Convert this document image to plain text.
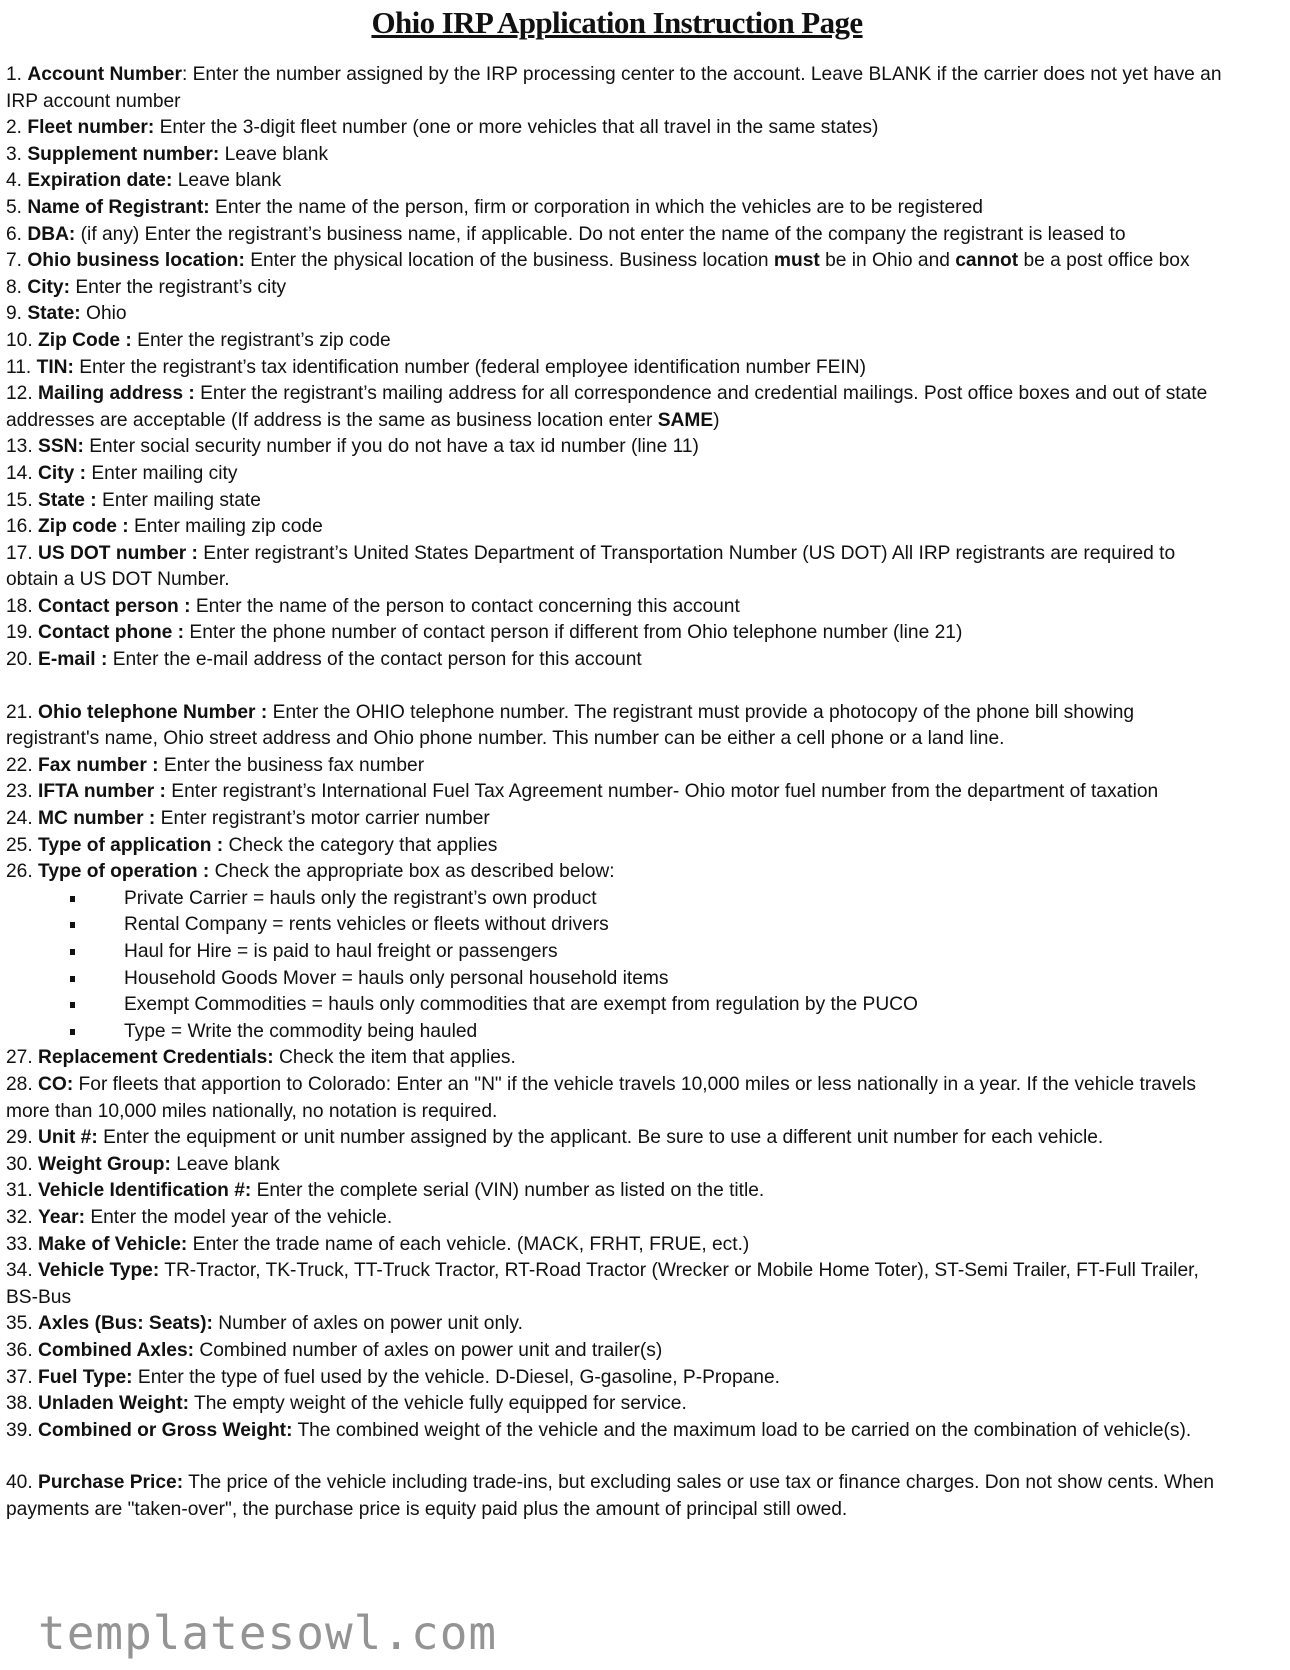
Ohio IRP Application Instruction Page
1. Account Number: Enter the number assigned by the IRP processing center to the account. Leave BLANK if the carrier does not yet have an IRP account number
2. Fleet number: Enter the 3-digit fleet number (one or more vehicles that all travel in the same states)
3. Supplement number: Leave blank
4. Expiration date: Leave blank
5. Name of Registrant: Enter the name of the person, firm or corporation in which the vehicles are to be registered
6. DBA: (if any) Enter the registrant’s business name, if applicable. Do not enter the name of the company the registrant is leased to
7. Ohio business location: Enter the physical location of the business. Business location must be in Ohio and cannot be a post office box
8. City: Enter the registrant’s city
9. State: Ohio
10. Zip Code : Enter the registrant’s zip code
11. TIN: Enter the registrant’s tax identification number (federal employee identification number FEIN)
12. Mailing address : Enter the registrant’s mailing address for all correspondence and credential mailings. Post office boxes and out of state addresses are acceptable (If address is the same as business location enter SAME)
13. SSN: Enter social security number if you do not have a tax id number (line 11)
14. City : Enter mailing city
15. State : Enter mailing state
16. Zip code : Enter mailing zip code
17. US DOT number : Enter registrant’s United States Department of Transportation Number (US DOT) All IRP registrants are required to obtain a US DOT Number.
18. Contact person : Enter the name of the person to contact concerning this account
19. Contact phone : Enter the phone number of contact person if different from Ohio telephone number (line 21)
20. E-mail : Enter the e-mail address of the contact person for this account
21. Ohio telephone Number : Enter the OHIO telephone number. The registrant must provide a photocopy of the phone bill showing registrant's name, Ohio street address and Ohio phone number. This number can be either a cell phone or a land line.
22. Fax number : Enter the business fax number
23. IFTA number : Enter registrant’s International Fuel Tax Agreement number- Ohio motor fuel number from the department of taxation
24. MC number : Enter registrant’s motor carrier number
25. Type of application : Check the category that applies
26. Type of operation : Check the appropriate box as described below:
Private Carrier = hauls only the registrant’s own product
Rental Company = rents vehicles or fleets without drivers
Haul for Hire = is paid to haul freight or passengers
Household Goods Mover = hauls only personal household items
Exempt Commodities = hauls only commodities that are exempt from regulation by the PUCO
Type = Write the commodity being hauled
27. Replacement Credentials: Check the item that applies.
28. CO: For fleets that apportion to Colorado: Enter an "N" if the vehicle travels 10,000 miles or less nationally in a year. If the vehicle travels more than 10,000 miles nationally, no notation is required.
29. Unit #: Enter the equipment or unit number assigned by the applicant. Be sure to use a different unit number for each vehicle.
30. Weight Group: Leave blank
31. Vehicle Identification #: Enter the complete serial (VIN) number as listed on the title.
32. Year: Enter the model year of the vehicle.
33. Make of Vehicle: Enter the trade name of each vehicle. (MACK, FRHT, FRUE, ect.)
34. Vehicle Type: TR-Tractor, TK-Truck, TT-Truck Tractor, RT-Road Tractor (Wrecker or Mobile Home Toter), ST-Semi Trailer, FT-Full Trailer, BS-Bus
35. Axles (Bus: Seats): Number of axles on power unit only.
36. Combined Axles: Combined number of axles on power unit and trailer(s)
37. Fuel Type: Enter the type of fuel used by the vehicle. D-Diesel, G-gasoline, P-Propane.
38. Unladen Weight: The empty weight of the vehicle fully equipped for service.
39. Combined or Gross Weight: The combined weight of the vehicle and the maximum load to be carried on the combination of vehicle(s).
40. Purchase Price: The price of the vehicle including trade-ins, but excluding sales or use tax or finance charges. Don not show cents. When payments are "taken-over", the purchase price is equity paid plus the amount of principal still owed.
templatesowl.com
